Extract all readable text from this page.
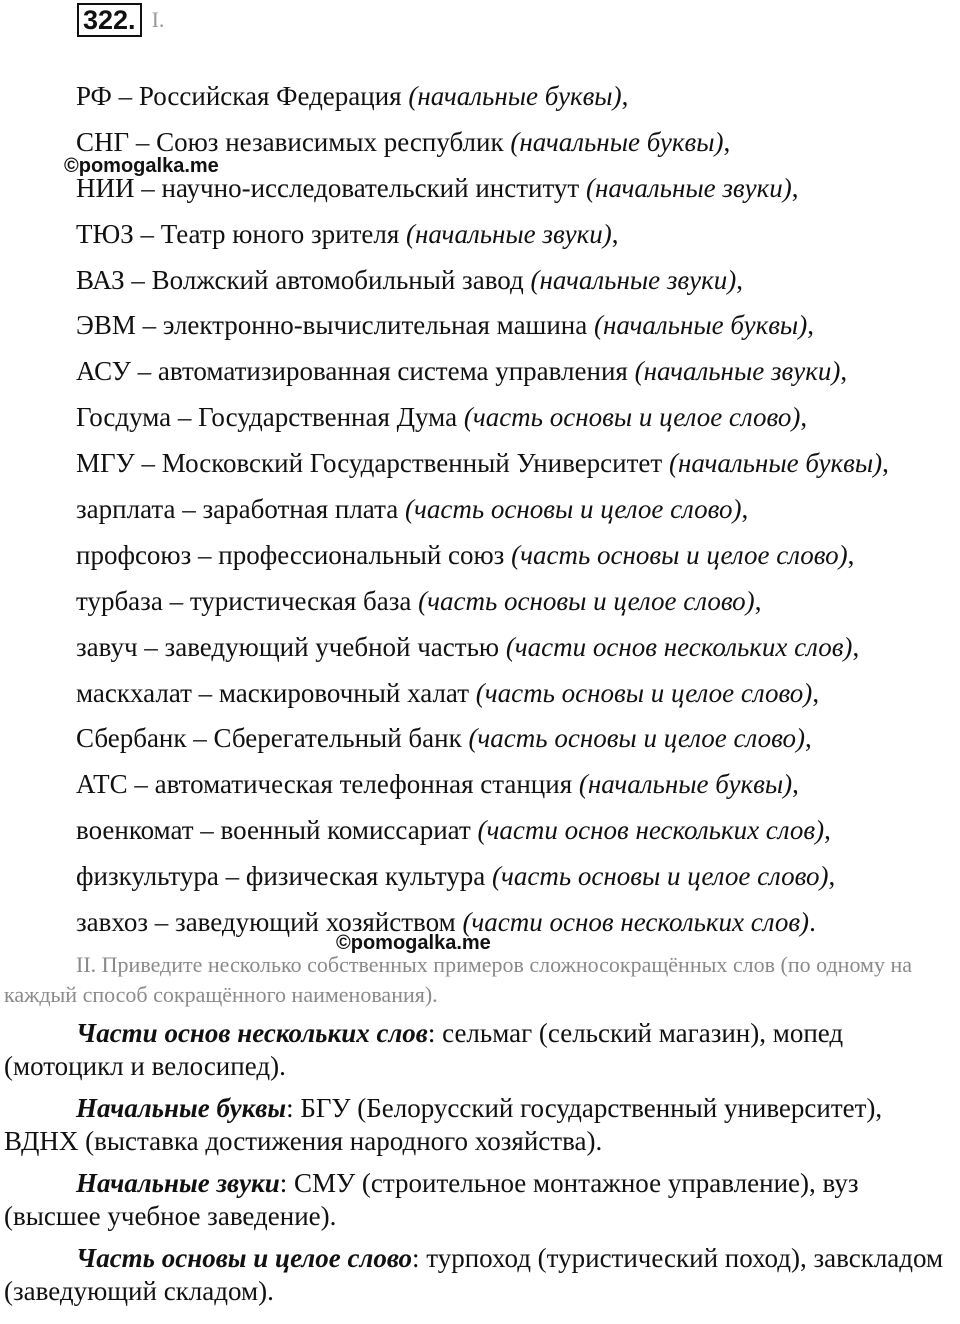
322. I.
РФ – Российская Федерация (начальные буквы),
СНГ – Союз независимых республик (начальные буквы),
НИИ – научно-исследовательский институт (начальные звуки),
ТЮЗ – Театр юного зрителя (начальные звуки),
ВАЗ – Волжский автомобильный завод (начальные звуки),
ЭВМ – электронно-вычислительная машина (начальные буквы),
АСУ – автоматизированная система управления (начальные звуки),
Госдума – Государственная Дума (часть основы и целое слово),
МГУ – Московский Государственный Университет (начальные буквы),
зарплата – заработная плата (часть основы и целое слово),
профсоюз – профессиональный союз (часть основы и целое слово),
турбаза – туристическая база (часть основы и целое слово),
завуч – заведующий учебной частью (части основ нескольких слов),
маскхалат – маскировочный халат (часть основы и целое слово),
Сбербанк – Сберегательный банк (часть основы и целое слово),
АТС – автоматическая телефонная станция (начальные буквы),
военкомат – военный комиссариат (части основ нескольких слов),
физкультура – физическая культура (часть основы и целое слово),
завхоз – заведующий хозяйством (части основ нескольких слов).
©pomogalka.me
©pomogalka.me

II. Приведите несколько собственных примеров сложносокращённых слов (по одному на каждый способ сокращённого наименования).

Части основ нескольких слов: сельмаг (сельский магазин), мопед (мотоцикл и велосипед).

Начальные буквы: БГУ (Белорусский государственный университет), ВДНХ (выставка достижения народного хозяйства).

Начальные звуки: СМУ (строительное монтажное управление), вуз (высшее учебное заведение).

Часть основы и целое слово: турпоход (туристический поход), завскладом (заведующий складом).
